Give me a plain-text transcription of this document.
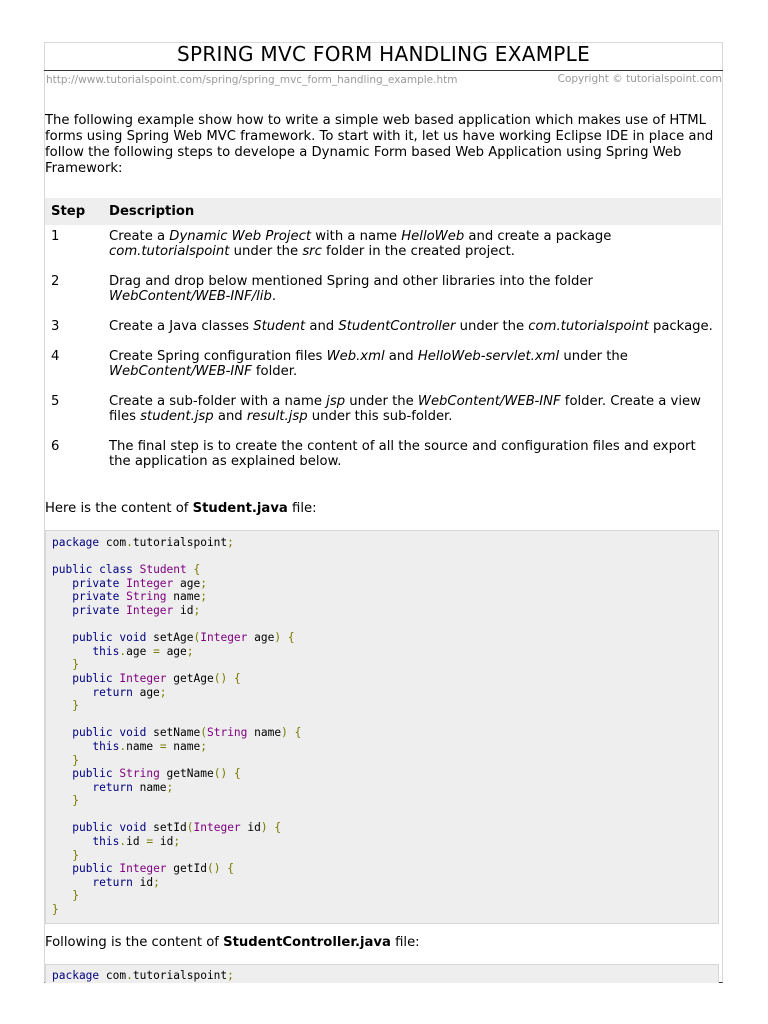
SPRING MVC FORM HANDLING EXAMPLE
http://www.tutorialspoint.com/spring/spring_mvc_form_handling_example.htm	Copyright © tutorialspoint.com
The following example show how to write a simple web based application which makes use of HTML forms using Spring Web MVC framework. To start with it, let us have working Eclipse IDE in place and follow the following steps to develope a Dynamic Form based Web Application using Spring Web Framework:
Step	Description
1	Create a Dynamic Web Project with a name HelloWeb and create a package com.tutorialspoint under the src folder in the created project.
2	Drag and drop below mentioned Spring and other libraries into the folder WebContent/WEB-INF/lib.
3	Create a Java classes Student and StudentController under the com.tutorialspoint package.
4	Create Spring configuration files Web.xml and HelloWeb-servlet.xml under the WebContent/WEB-INF folder.
5	Create a sub-folder with a name jsp under the WebContent/WEB-INF folder. Create a view files student.jsp and result.jsp under this sub-folder.
6	The final step is to create the content of all the source and configuration files and export the application as explained below.
Here is the content of Student.java file:
package com.tutorialspoint;

public class Student {
private Integer age;
private String name;
private Integer id;

public void setAge(Integer age) {
this.age = age;
}
public Integer getAge() {
return age;
}

public void setName(String name) {
this.name = name;
}
public String getName() {
return name;
}

public void setId(Integer id) {
this.id = id;
}
public Integer getId() {
return id;
}
}
Following is the content of StudentController.java file:
package com.tutorialspoint;
